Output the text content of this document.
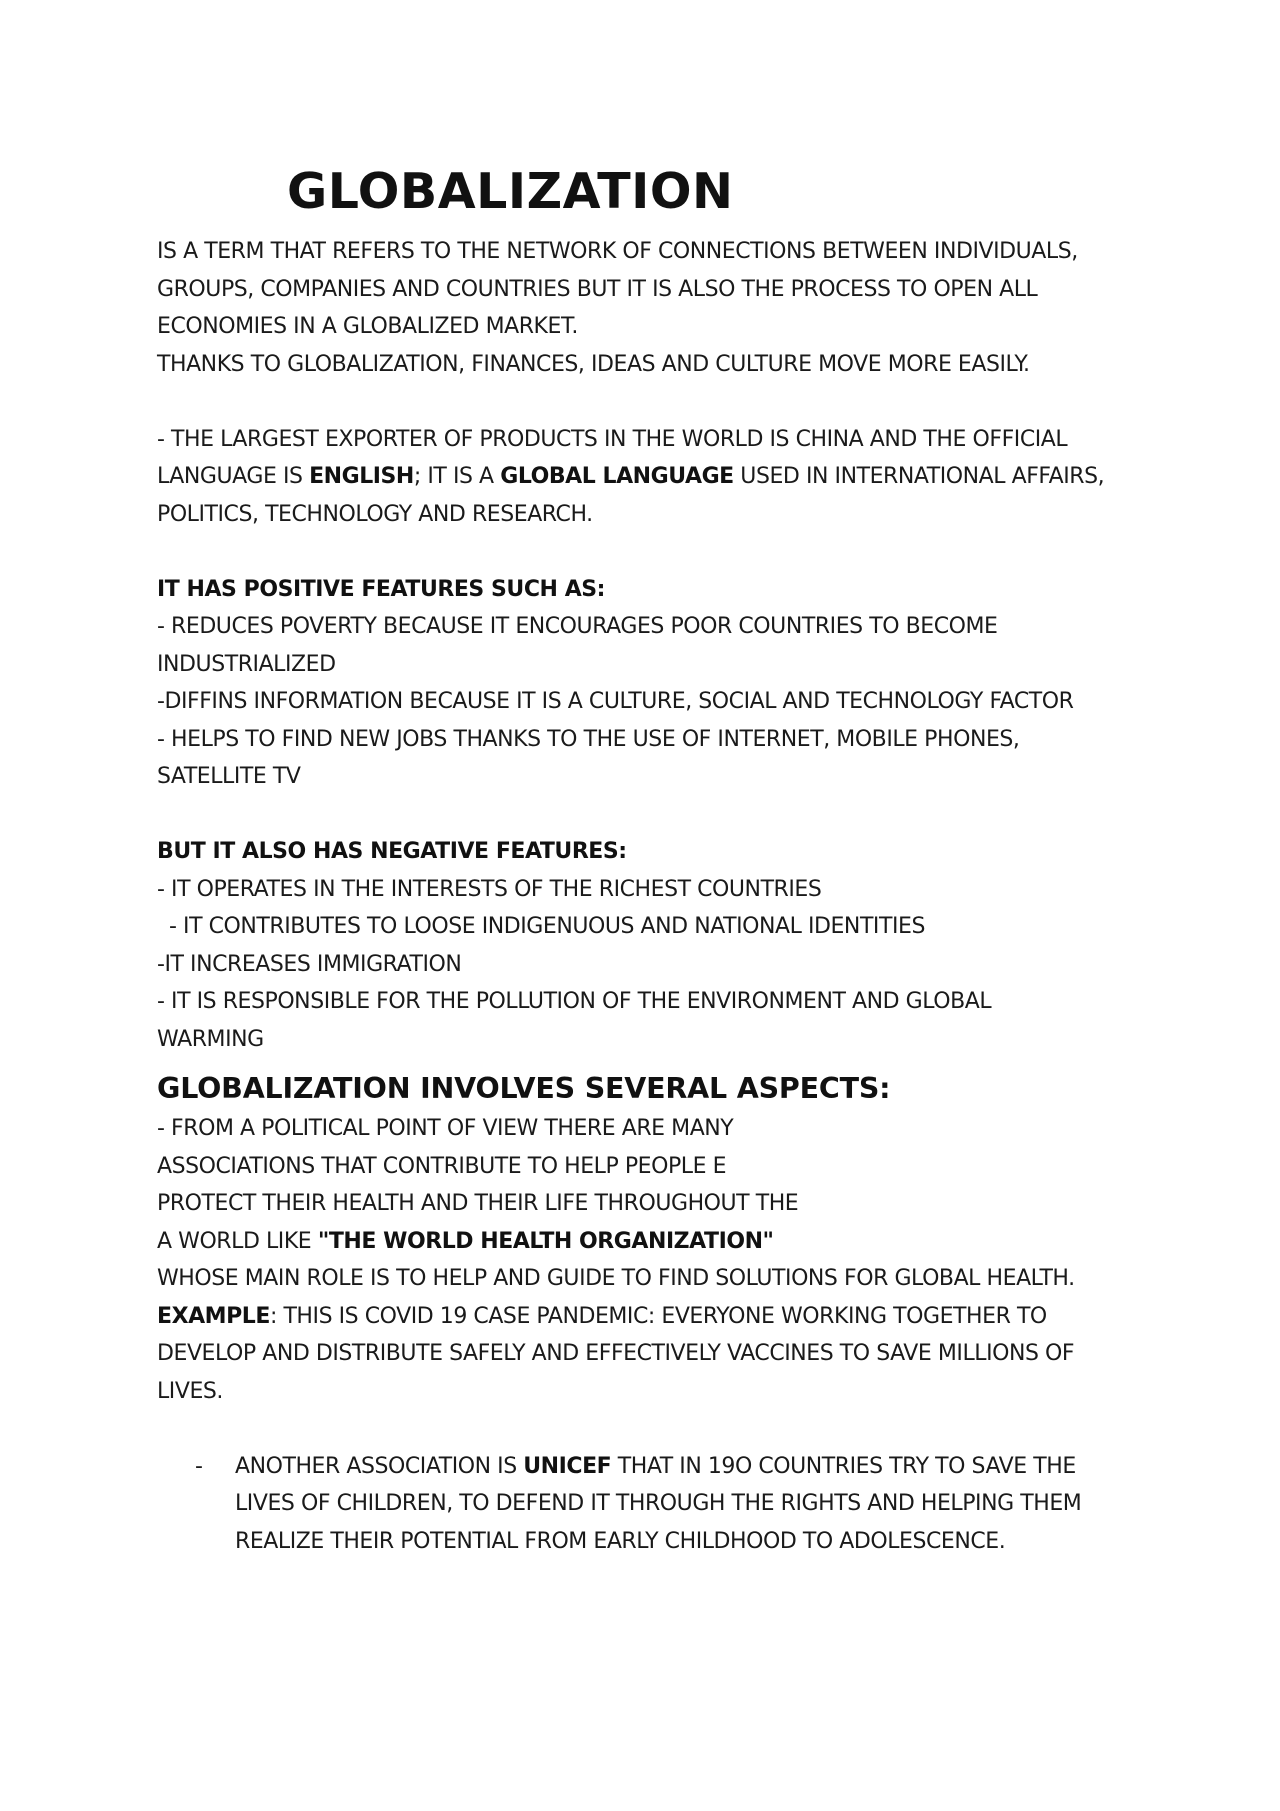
GLOBALIZATION
IS A TERM THAT REFERS TO THE NETWORK OF CONNECTIONS BETWEEN INDIVIDUALS,
GROUPS, COMPANIES AND COUNTRIES BUT IT IS ALSO THE PROCESS TO OPEN ALL
ECONOMIES IN A GLOBALIZED MARKET.
THANKS TO GLOBALIZATION, FINANCES, IDEAS AND CULTURE MOVE MORE EASILY.
- THE LARGEST EXPORTER OF PRODUCTS IN THE WORLD IS CHINA AND THE OFFICIAL
LANGUAGE IS ENGLISH; IT IS A GLOBAL LANGUAGE USED IN INTERNATIONAL AFFAIRS,
POLITICS, TECHNOLOGY AND RESEARCH.
IT HAS POSITIVE FEATURES SUCH AS:
- REDUCES POVERTY BECAUSE IT ENCOURAGES POOR COUNTRIES TO BECOME
INDUSTRIALIZED
-DIFFINS INFORMATION BECAUSE IT IS A CULTURE, SOCIAL AND TECHNOLOGY FACTOR
- HELPS TO FIND NEW JOBS THANKS TO THE USE OF INTERNET, MOBILE PHONES,
SATELLITE TV
BUT IT ALSO HAS NEGATIVE FEATURES:
- IT OPERATES IN THE INTERESTS OF THE RICHEST COUNTRIES
- IT CONTRIBUTES TO LOOSE INDIGENUOUS AND NATIONAL IDENTITIES
-IT INCREASES IMMIGRATION
- IT IS RESPONSIBLE FOR THE POLLUTION OF THE ENVIRONMENT AND GLOBAL
WARMING
GLOBALIZATION INVOLVES SEVERAL ASPECTS:
- FROM A POLITICAL POINT OF VIEW THERE ARE MANY
ASSOCIATIONS THAT CONTRIBUTE TO HELP PEOPLE E
PROTECT THEIR HEALTH AND THEIR LIFE THROUGHOUT THE
A WORLD LIKE "THE WORLD HEALTH ORGANIZATION"
WHOSE MAIN ROLE IS TO HELP AND GUIDE TO FIND SOLUTIONS FOR GLOBAL HEALTH.
EXAMPLE: THIS IS COVID 19 CASE PANDEMIC: EVERYONE WORKING TOGETHER TO
DEVELOP AND DISTRIBUTE SAFELY AND EFFECTIVELY VACCINES TO SAVE MILLIONS OF
LIVES.
- ANOTHER ASSOCIATION IS UNICEF THAT IN 19O COUNTRIES TRY TO SAVE THE
LIVES OF CHILDREN, TO DEFEND IT THROUGH THE RIGHTS AND HELPING THEM
REALIZE THEIR POTENTIAL FROM EARLY CHILDHOOD TO ADOLESCENCE.
